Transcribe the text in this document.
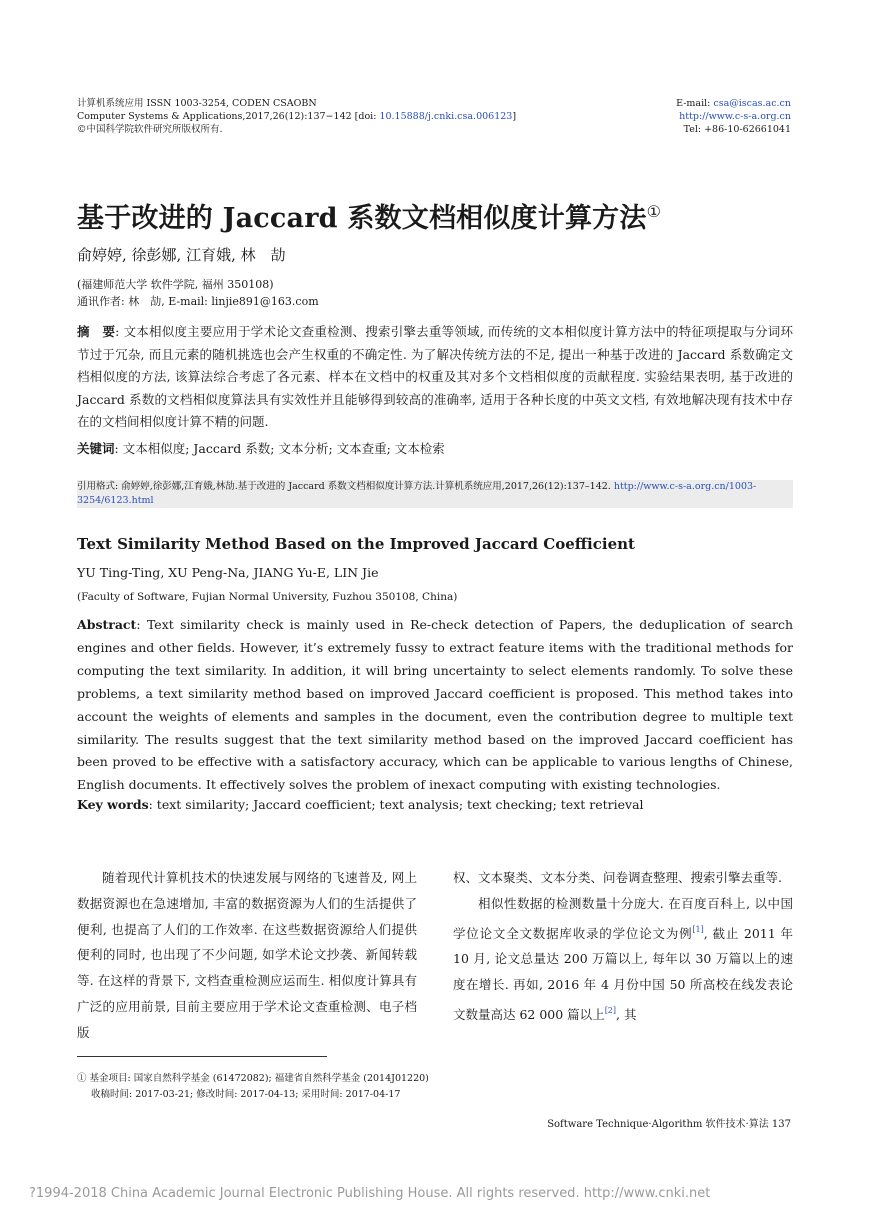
计算机系统应用 ISSN 1003-3254, CODEN CSAOBN
Computer Systems & Applications,2017,26(12):137−142 [doi: 10.15888/j.cnki.csa.006123]
©中国科学院软件研究所版权所有.
E-mail: csa@iscas.ac.cn
http://www.c-s-a.org.cn
Tel: +86-10-62661041
基于改进的 Jaccard 系数文档相似度计算方法①
俞婷婷, 徐彭娜, 江育娥, 林　劼
(福建师范大学 软件学院, 福州 350108)
通讯作者: 林　劼, E-mail: linjie891@163.com
摘　要: 文本相似度主要应用于学术论文查重检测、搜索引擎去重等领域, 而传统的文本相似度计算方法中的特征项提取与分词环节过于冗杂, 而且元素的随机挑选也会产生权重的不确定性. 为了解决传统方法的不足, 提出一种基于改进的 Jaccard 系数确定文档相似度的方法, 该算法综合考虑了各元素、样本在文档中的权重及其对多个文档相似度的贡献程度. 实验结果表明, 基于改进的 Jaccard 系数的文档相似度算法具有实效性并且能够得到较高的准确率, 适用于各种长度的中英文文档, 有效地解决现有技术中存在的文档间相似度计算不精的问题.
关键词: 文本相似度; Jaccard 系数; 文本分析; 文本查重; 文本检索
引用格式: 俞婷婷,徐彭娜,江育娥,林劼.基于改进的 Jaccard 系数文档相似度计算方法.计算机系统应用,2017,26(12):137–142. http://www.c-s-a.org.cn/1003-3254/6123.html
Text Similarity Method Based on the Improved Jaccard Coefficient
YU Ting-Ting, XU Peng-Na, JIANG Yu-E, LIN Jie
(Faculty of Software, Fujian Normal University, Fuzhou 350108, China)
Abstract: Text similarity check is mainly used in Re-check detection of Papers, the deduplication of search engines and other fields. However, it’s extremely fussy to extract feature items with the traditional methods for computing the text similarity. In addition, it will bring uncertainty to select elements randomly. To solve these problems, a text similarity method based on improved Jaccard coefficient is proposed. This method takes into account the weights of elements and samples in the document, even the contribution degree to multiple text similarity. The results suggest that the text similarity method based on the improved Jaccard coefficient has been proved to be effective with a satisfactory accuracy, which can be applicable to various lengths of Chinese, English documents. It effectively solves the problem of inexact computing with existing technologies.
Key words: text similarity; Jaccard coefficient; text analysis; text checking; text retrieval

随着现代计算机技术的快速发展与网络的飞速普及, 网上数据资源也在急速增加, 丰富的数据资源为人们的生活提供了便利, 也提高了人们的工作效率. 在这些数据资源给人们提供便利的同时, 也出现了不少问题, 如学术论文抄袭、新闻转载等. 在这样的背景下, 文档查重检测应运而生. 相似度计算具有广泛的应用前景, 目前主要应用于学术论文查重检测、电子档版

权、文本聚类、文本分类、问卷调查整理、搜索引擎去重等.

相似性数据的检测数量十分庞大. 在百度百科上, 以中国学位论文全文数据库收录的学位论文为例[1], 截止 2011 年 10 月, 论文总量达 200 万篇以上, 每年以 30 万篇以上的速度在增长. 再如, 2016 年 4 月份中国 50 所高校在线发表论文数量高达 62 000 篇以上[2], 其

① 基金项目: 国家自然科学基金 (61472082); 福建省自然科学基金 (2014J01220)
收稿时间: 2017-03-21; 修改时间: 2017-04-13; 采用时间: 2017-04-17
Software Technique·Algorithm 软件技术·算法 137
?1994-2018 China Academic Journal Electronic Publishing House. All rights reserved. http://www.cnki.net
